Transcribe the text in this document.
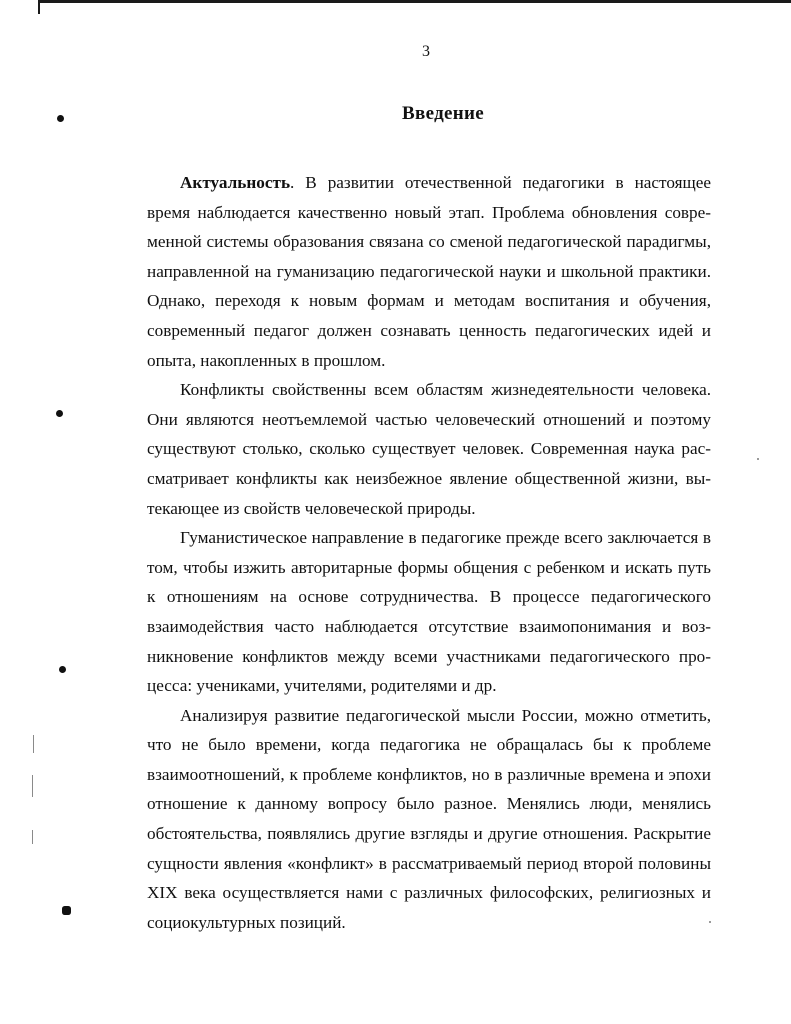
3
Введение

Актуальность. В развитии отечественной педагогики в настоящее время наблюдается качественно новый этап. Проблема обновления современной системы образования связана со сменой педагогической парадигмы, направленной на гуманизацию педагогической науки и школьной практики. Однако, переходя к новым формам и методам воспитания и обучения, современный педагог должен сознавать ценность педагогических идей и опыта, накопленных в прошлом.

Конфликты свойственны всем областям жизнедеятельности человека. Они являются неотъемлемой частью человеческий отношений и поэтому существуют столько, сколько существует человек. Современная наука рассматривает конфликты как неизбежное явление общественной жизни, вытекающее из свойств человеческой природы.

Гуманистическое направление в педагогике прежде всего заключается в том, чтобы изжить авторитарные формы общения с ребенком и искать путь к отношениям на основе сотрудничества. В процессе педагогического взаимодействия часто наблюдается отсутствие взаимопонимания и возникновение конфликтов между всеми участниками педагогического процесса: учениками, учителями, родителями и др.

Анализируя развитие педагогической мысли России, можно отметить, что не было времени, когда педагогика не обращалась бы к проблеме взаимоотношений, к проблеме конфликтов, но в различные времена и эпохи отношение к данному вопросу было разное. Менялись люди, менялись обстоятельства, появлялись другие взгляды и другие отношения. Раскрытие сущности явления «конфликт» в рассматриваемый период второй половины XIX века осуществляется нами с различных философских, религиозных и социокультурных позиций.
